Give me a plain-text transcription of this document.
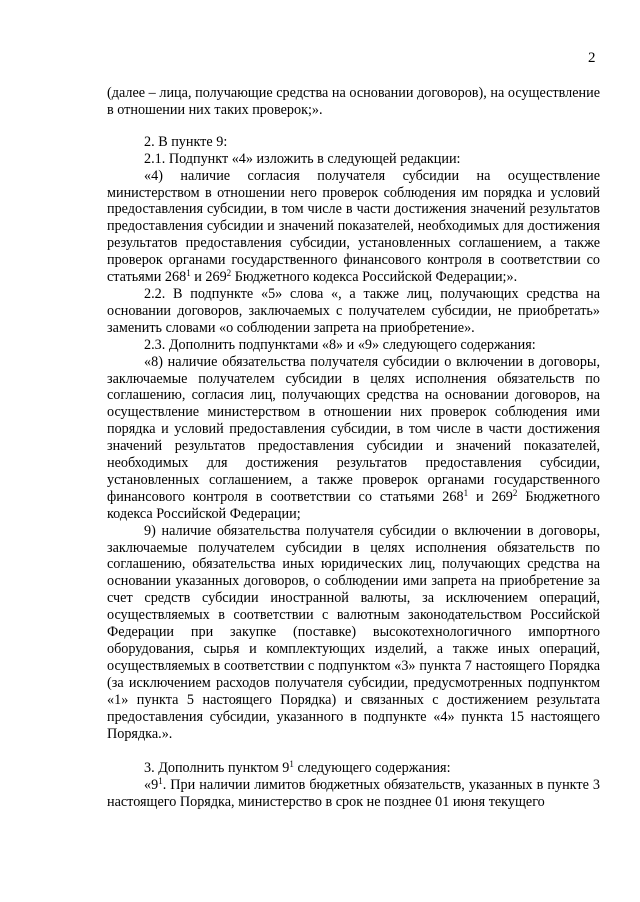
2

(далее – лица, получающие средства на основании договоров), на осуществление в отношении них таких проверок;».

2. В пункте 9:

2.1. Подпункт «4» изложить в следующей редакции:

«4) наличие согласия получателя субсидии на осуществление министерством в отношении него проверок соблюдения им порядка и условий предоставления субсидии, в том числе в части достижения значений результатов предоставления субсидии и значений показателей, необходимых для достижения результатов предоставления субсидии, установленных соглашением, а также проверок органами государственного финансового контроля в соответствии со статьями $268^1$ и $269^2$ Бюджетного кодекса Российской Федерации;».

2.2. В подпункте «5» слова «, а также лиц, получающих средства на основании договоров, заключаемых с получателем субсидии, не приобретать» заменить словами «о соблюдении запрета на приобретение».

2.3. Дополнить подпунктами «8» и «9» следующего содержания:

«8) наличие обязательства получателя субсидии о включении в договоры, заключаемые получателем субсидии в целях исполнения обязательств по соглашению, согласия лиц, получающих средства на основании договоров, на осуществление министерством в отношении них проверок соблюдения ими порядка и условий предоставления субсидии, в том числе в части достижения значений результатов предоставления субсидии и значений показателей, необходимых для достижения результатов предоставления субсидии, установленных соглашением, а также проверок органами государственного финансового контроля в соответствии со статьями $268^1$ и $269^2$ Бюджетного кодекса Российской Федерации;

9) наличие обязательства получателя субсидии о включении в договоры, заключаемые получателем субсидии в целях исполнения обязательств по соглашению, обязательства иных юридических лиц, получающих средства на основании указанных договоров, о соблюдении ими запрета на приобретение за счет средств субсидии иностранной валюты, за исключением операций, осуществляемых в соответствии с валютным законодательством Российской Федерации при закупке (поставке) высокотехнологичного импортного оборудования, сырья и комплектующих изделий, а также иных операций, осуществляемых в соответствии с подпунктом «3» пункта 7 настоящего Порядка (за исключением расходов получателя субсидии, предусмотренных подпунктом «1» пункта 5 настоящего Порядка) и связанных с достижением результата предоставления субсидии, указанного в подпункте «4» пункта 15 настоящего Порядка.».

3. Дополнить пунктом $9^1$ следующего содержания:

«$9^1$. При наличии лимитов бюджетных обязательств, указанных в пункте 3 настоящего Порядка, министерство в срок не позднее 01 июня текущего
